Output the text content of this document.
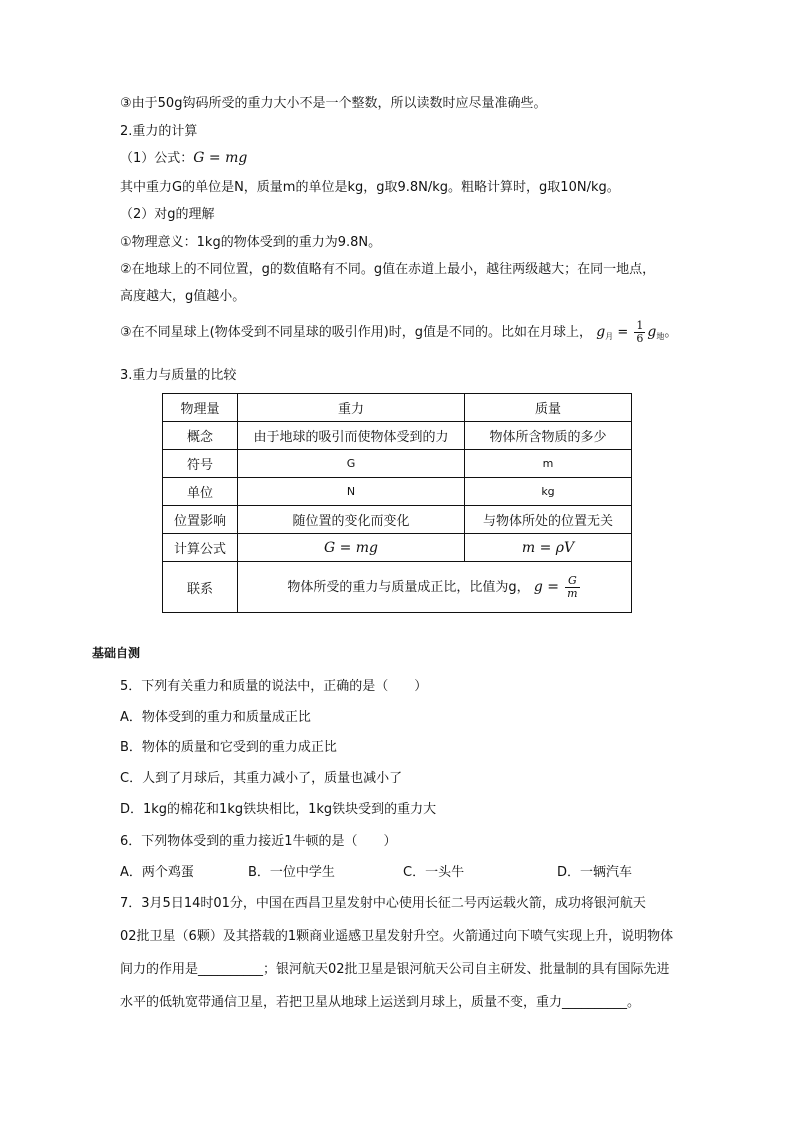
③由于50g钩码所受的重力大小不是一个整数，所以读数时应尽量准确些。
2.重力的计算
（1）公式：G = mg
其中重力G的单位是N，质量m的单位是kg，g取9.8N/kg。粗略计算时，g取10N/kg。
（2）对g的理解
①物理意义：1kg的物体受到的重力为9.8N。
②在地球上的不同位置，g的数值略有不同。g值在赤道上最小，越往两级越大；在同一地点，
高度越大，g值越小。
③在不同星球上(物体受到不同星球的吸引作用)时，g值是不同的。比如在月球上， $g_月 = \frac{1}{6} g_地$。
3.重力与质量的比较
物理量	重力	质量
概念	由于地球的吸引而使物体受到的力	物体所含物质的多少
符号	G	m
单位	N	kg
位置影响	随位置的变化而变化	与物体所处的位置无关
计算公式	G = mg	m = ρV
联系	物体所受的重力与质量成正比，比值为g， $g = \frac{G}{m}$
基础自测
5．下列有关重力和质量的说法中，正确的是（　　）
A．物体受到的重力和质量成正比
B．物体的质量和它受到的重力成正比
C．人到了月球后，其重力减小了，质量也减小了
D．1kg的棉花和1kg铁块相比，1kg铁块受到的重力大
6．下列物体受到的重力接近1牛顿的是（　　）
A．两个鸡蛋	B．一位中学生	C．一头牛	D．一辆汽车
7．3月5日14时01分，中国在西昌卫星发射中心使用长征二号丙运载火箭，成功将银河航天
02批卫星（6颗）及其搭载的1颗商业遥感卫星发射升空。火箭通过向下喷气实现上升，说明物体
间力的作用是__________；银河航天02批卫星是银河航天公司自主研发、批量制的具有国际先进
水平的低轨宽带通信卫星，若把卫星从地球上运送到月球上，质量不变，重力__________。
